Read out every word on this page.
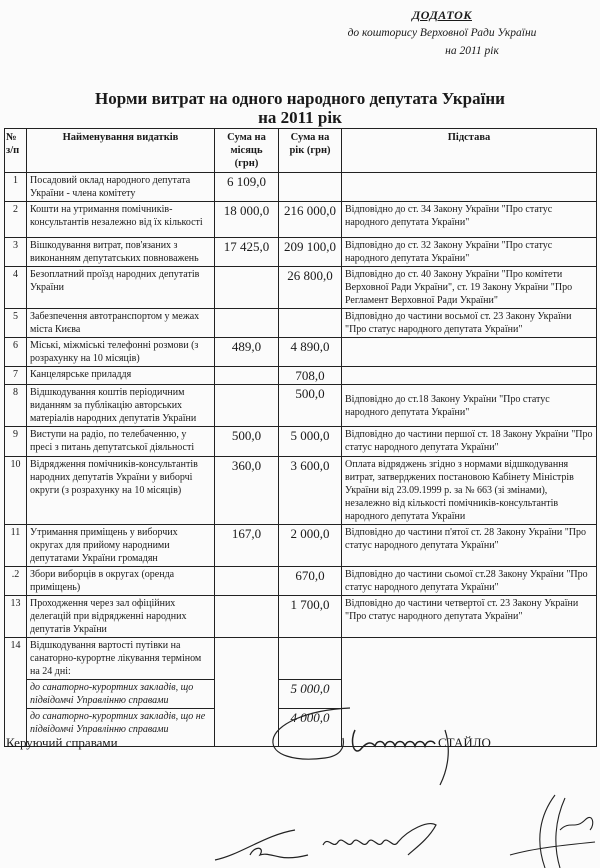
ДОДАТОК
до кошторису Верховної Ради України
на 2011 рік
Норми витрат на одного народного депутата України
на 2011 рік
№ з/п	Найменування видатків	Сума на місяць (грн)	Сума на рік (грн)	Підстава
1	Посадовий оклад народного депутата України - члена комітету	6 109,0		
2	Кошти на утримання помічників-консультантів незалежно від їх кількості	18 000,0	216 000,0	Відповідно до ст. 34 Закону України "Про статус народного депутата України"
3	Вішкодування витрат, пов'язаних з виконанням депутатських повноважень	17 425,0	209 100,0	Відповідно до ст. 32 Закону України "Про статус народного депутата України"
4	Безоплатний проїзд народних депутатів України		26 800,0	Відповідно до ст. 40 Закону України "Про комітети Верховної Ради України", ст. 19 Закону України "Про Регламент Верховної Ради України"
5	Забезпечення автотранспортом у межах міста Києва			Відповідно до частини восьмої ст. 23 Закону України "Про статус народного депутата України"
6	Міські, міжміські телефонні розмови (з розрахунку на 10 місяців)	489,0	4 890,0	
7	Канцелярське приладдя		708,0	
8	Відшкодування коштів періодичним виданням за публікацію авторських матеріалів народних депутатів України		500,0	Відповідно до ст.18 Закону України "Про статус народного депутата України"
9	Виступи на радіо, по телебаченню, у пресі з питань депутатської діяльності	500,0	5 000,0	Відповідно до частини першої ст. 18 Закону України "Про статус народного депутата України"
10	Відрядження помічників-консультантів народних депутатів України у виборчі округи (з розрахунку на 10 місяців)	360,0	3 600,0	Оплата відряджень згідно з нормами відшкодування витрат, затверджених постановою Кабінету Міністрів України від 23.09.1999 р. за № 663 (зі змінами), незалежно від кількості помічників-консультантів народного депутата України
11	Утримання приміщень у виборчих округах для прийому народними депутатами України громадян	167,0	2 000,0	Відповідно до частини п'ятої ст. 28 Закону України "Про статус народного депутата України"
.2	Збори виборців в округах (оренда приміщень)		670,0	Відповідно до частини сьомої ст.28 Закону України "Про статус народного депутата України"
13	Проходження через зал офіційних делегацій при відрядженні народних депутатів України		1 700,0	Відповідно до частини четвертої ст. 23 Закону України "Про статус народного депутата України"
14	Відшкодування вартості путівки на санаторно-курортне лікування терміном на 24 дні:			
	до санаторно-курортних закладів, що підвідомчі Управлінню справами		5 000,0	
	до санаторно-курортних закладів, що не підвідомчі Управлінню справами		4 000,0	
Керуючий справами	СТАЙЛО
